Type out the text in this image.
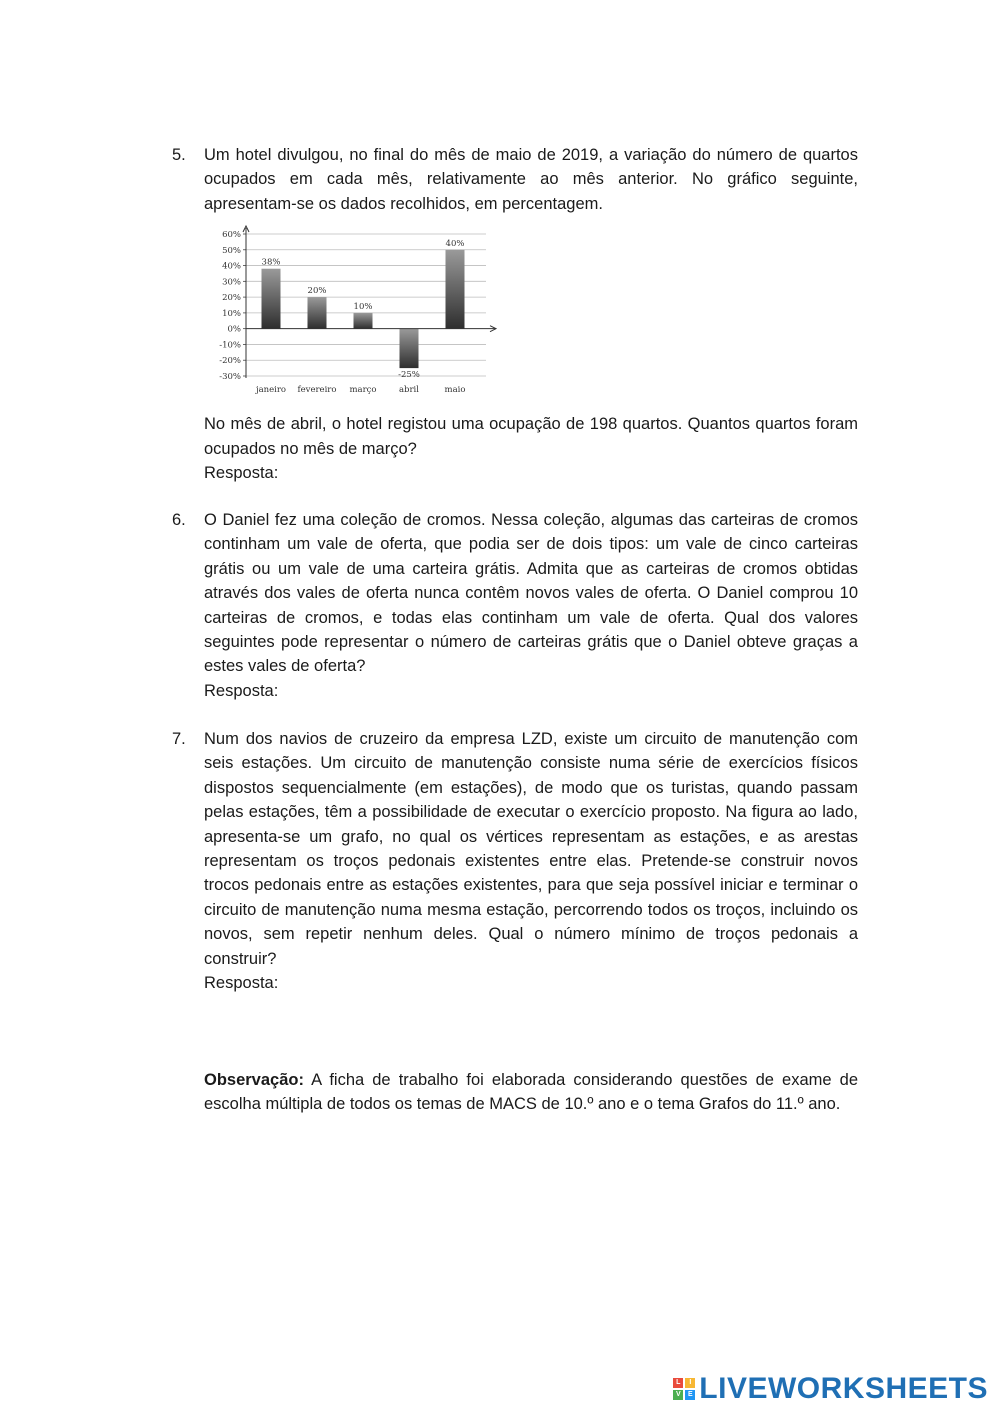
5.	Um hotel divulgou, no final do mês de maio de 2019, a variação do número de quartos ocupados em cada mês, relativamente ao mês anterior. No gráfico seguinte, apresentam-se os dados recolhidos, em percentagem.

60%
50%
40%
30%
20%
10%
0%
-10%
-20%
-30%
38%
janeiro
20%
fevereiro
10%
março
-25%
abril
40%
maio

No mês de abril, o hotel registou uma ocupação de 198 quartos. Quantos quartos foram ocupados no mês de março?

Resposta:

6.	O Daniel fez uma coleção de cromos. Nessa coleção, algumas das carteiras de cromos continham um vale de oferta, que podia ser de dois tipos: um vale de cinco carteiras grátis ou um vale de uma carteira grátis. Admita que as carteiras de cromos obtidas através dos vales de oferta nunca contêm novos vales de oferta. O Daniel comprou 10 carteiras de cromos, e todas elas continham um vale de oferta. Qual dos valores seguintes pode representar o número de carteiras grátis que o Daniel obteve graças a estes vales de oferta?

Resposta:

7.	Num dos navios de cruzeiro da empresa LZD, existe um circuito de manutenção com seis estações. Um circuito de manutenção consiste numa série de exercícios físicos dispostos sequencialmente (em estações), de modo que os turistas, quando passam pelas estações, têm a possibilidade de executar o exercício proposto. Na figura ao lado, apresenta-se um grafo, no qual os vértices representam as estações, e as arestas representam os troços pedonais existentes entre elas. Pretende-se construir novos trocos pedonais entre as estações existentes, para que seja possível iniciar e terminar o circuito de manutenção numa mesma estação, percorrendo todos os troços, incluindo os novos, sem repetir nenhum deles. Qual o número mínimo de troços pedonais a construir?

Resposta:

Observação: A ficha de trabalho foi elaborada considerando questões de exame de escolha múltipla de todos os temas de MACS de 10.º ano e o tema Grafos do 11.º ano.
L	I
V	E LIVEWORKSHEETS
